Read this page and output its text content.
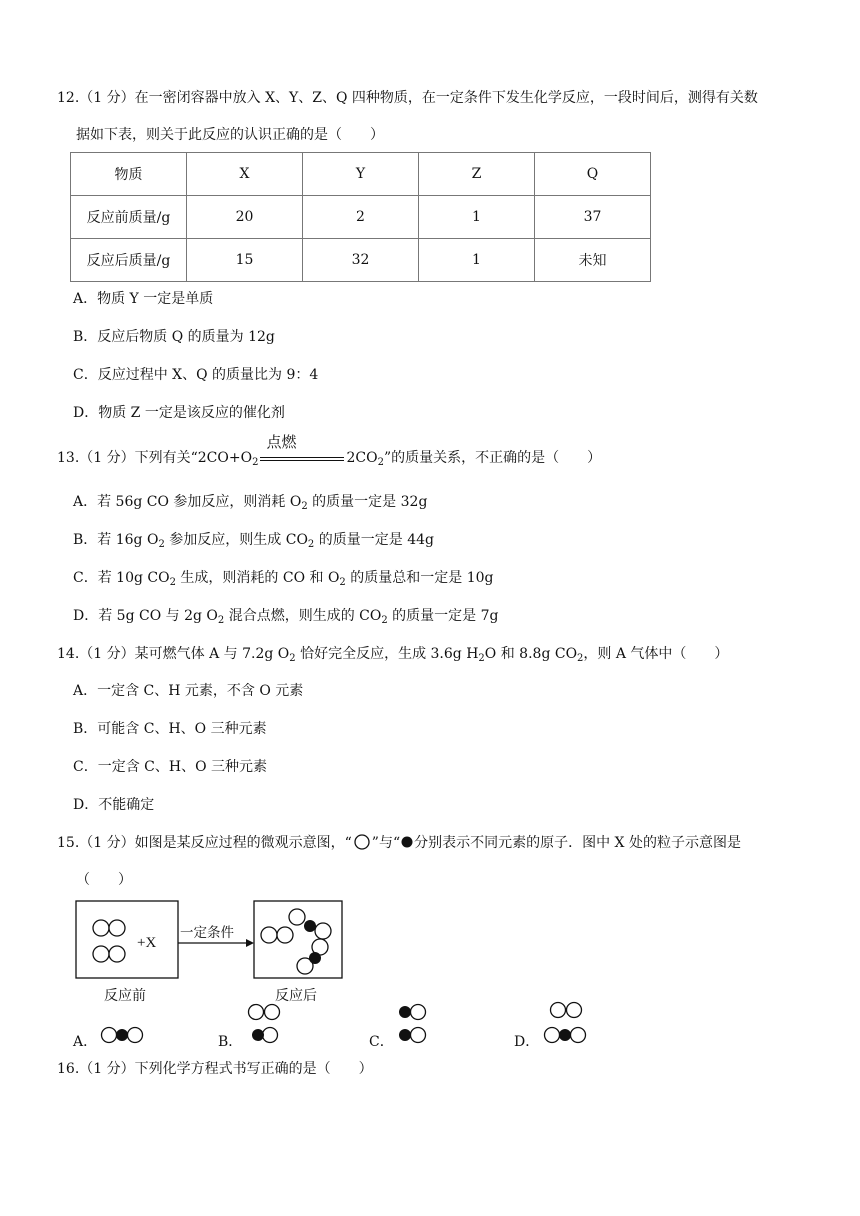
12.（1 分）在一密闭容器中放入 X、Y、Z、Q 四种物质，在一定条件下发生化学反应，一段时间后，测得有关数
据如下表，则关于此反应的认识正确的是（　　）
物质	X	Y	Z	Q
反应前质量/g	20	2	1	37
反应后质量/g	15	32	1	未知
A．物质 Y 一定是单质
B．反应后物质 Q 的质量为 12g
C．反应过程中 X、Q 的质量比为 9：4
D．物质 Z 一定是该反应的催化剂
13.（1 分）下列有关“$2CO+O_2$
点燃
$2CO_2$”的质量关系，不正确的是（　　）
A．若 56g CO 参加反应，则消耗 $O_2$ 的质量一定是 32g
B．若 16g $O_2$ 参加反应，则生成 $CO_2$ 的质量一定是 44g
C．若 10g $CO_2$ 生成，则消耗的 CO 和 $O_2$ 的质量总和一定是 10g
D．若 5g CO 与 2g $O_2$ 混合点燃，则生成的 $CO_2$ 的质量一定是 7g
14.（1 分）某可燃气体 A 与 7.2g $O_2$ 恰好完全反应，生成 3.6g $H_2O$ 和 8.8g $CO_2$，则 A 气体中（　　）
A．一定含 C、H 元素，不含 O 元素
B．可能含 C、H、O 三种元素
C．一定含 C、H、O 三种元素
D．不能确定
15.（1 分）如图是某反应过程的微观示意图，“ ”与“ 分别表示不同元素的原子．图中 X 处的粒子示意图是
（　　）
+X
一定条件
反应前	反应后
A．	B．	C．	D．
16.（1 分）下列化学方程式书写正确的是（　　）
